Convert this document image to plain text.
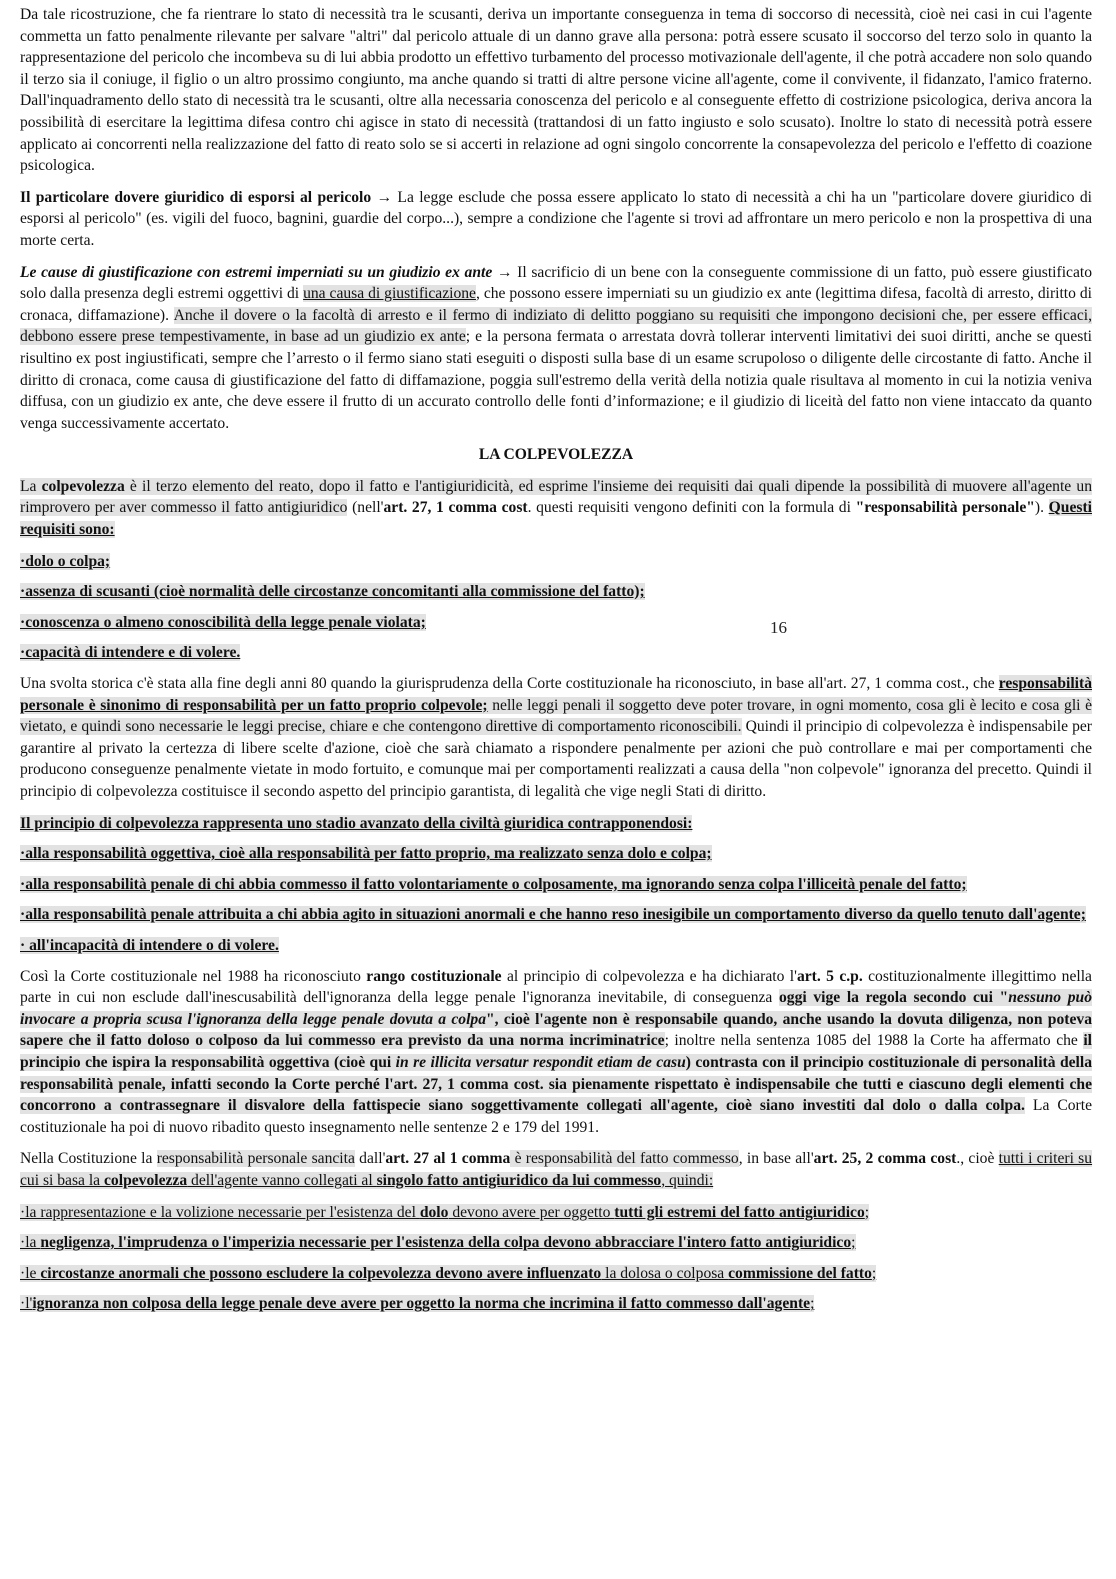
Da tale ricostruzione, che fa rientrare lo stato di necessità tra le scusanti, deriva un importante conseguenza in tema di soccorso di necessità, cioè nei casi in cui l'agente commetta un fatto penalmente rilevante per salvare "altri" dal pericolo attuale di un danno grave alla persona: potrà essere scusato il soccorso del terzo solo in quanto la rappresentazione del pericolo che incombeva su di lui abbia prodotto un effettivo turbamento del processo motivazionale dell'agente, il che potrà accadere non solo quando il terzo sia il coniuge, il figlio o un altro prossimo congiunto, ma anche quando si tratti di altre persone vicine all'agente, come il convivente, il fidanzato, l'amico fraterno. Dall'inquadramento dello stato di necessità tra le scusanti, oltre alla necessaria conoscenza del pericolo e al conseguente effetto di costrizione psicologica, deriva ancora la possibilità di esercitare la legittima difesa contro chi agisce in stato di necessità (trattandosi di un fatto ingiusto e solo scusato). Inoltre lo stato di necessità potrà essere applicato ai concorrenti nella realizzazione del fatto di reato solo se si accerti in relazione ad ogni singolo concorrente la consapevolezza del pericolo e l'effetto di coazione psicologica.

Il particolare dovere giuridico di esporsi al pericolo → La legge esclude che possa essere applicato lo stato di necessità a chi ha un "particolare dovere giuridico di esporsi al pericolo" (es. vigili del fuoco, bagnini, guardie del corpo...), sempre a condizione che l'agente si trovi ad affrontare un mero pericolo e non la prospettiva di una morte certa.

Le cause di giustificazione con estremi imperniati su un giudizio ex ante → Il sacrificio di un bene con la conseguente commissione di un fatto, può essere giustificato solo dalla presenza degli estremi oggettivi di una causa di giustificazione, che possono essere imperniati su un giudizio ex ante (legittima difesa, facoltà di arresto, diritto di cronaca, diffamazione). Anche il dovere o la facoltà di arresto e il fermo di indiziato di delitto poggiano su requisiti che impongono decisioni che, per essere efficaci, debbono essere prese tempestivamente, in base ad un giudizio ex ante; e la persona fermata o arrestata dovrà tollerar interventi limitativi dei suoi diritti, anche se questi risultino ex post ingiustificati, sempre che l’arresto o il fermo siano stati eseguiti o disposti sulla base di un esame scrupoloso o diligente delle circostante di fatto. Anche il diritto di cronaca, come causa di giustificazione del fatto di diffamazione, poggia sull'estremo della verità della notizia quale risultava al momento in cui la notizia veniva diffusa, con un giudizio ex ante, che deve essere il frutto di un accurato controllo delle fonti d’informazione; e il giudizio di liceità del fatto non viene intaccato da quanto venga successivamente accertato.

LA COLPEVOLEZZA

La colpevolezza è il terzo elemento del reato, dopo il fatto e l'antigiuridicità, ed esprime l'insieme dei requisiti dai quali dipende la possibilità di muovere all'agente un rimprovero per aver commesso il fatto antigiuridico (nell'art. 27, 1 comma cost. questi requisiti vengono definiti con la formula di "responsabilità personale"). Questi requisiti sono:

·dolo o colpa;

·assenza di scusanti (cioè normalità delle circostanze concomitanti alla commissione del fatto);

·conoscenza o almeno conoscibilità della legge penale violata;

·capacità di intendere e di volere.

Una svolta storica c'è stata alla fine degli anni 80 quando la giurisprudenza della Corte costituzionale ha riconosciuto, in base all'art. 27, 1 comma cost., che responsabilità personale è sinonimo di responsabilità per un fatto proprio colpevole; nelle leggi penali il soggetto deve poter trovare, in ogni momento, cosa gli è lecito e cosa gli è vietato, e quindi sono necessarie le leggi precise, chiare e che contengono direttive di comportamento riconoscibili. Quindi il principio di colpevolezza è indispensabile per garantire al privato la certezza di libere scelte d'azione, cioè che sarà chiamato a rispondere penalmente per azioni che può controllare e mai per comportamenti che producono conseguenze penalmente vietate in modo fortuito, e comunque mai per comportamenti realizzati a causa della "non colpevole" ignoranza del precetto. Quindi il principio di colpevolezza costituisce il secondo aspetto del principio garantista, di legalità che vige negli Stati di diritto.

Il principio di colpevolezza rappresenta uno stadio avanzato della civiltà giuridica contrapponendosi:

·alla responsabilità oggettiva, cioè alla responsabilità per fatto proprio, ma realizzato senza dolo e colpa;

·alla responsabilità penale di chi abbia commesso il fatto volontariamente o colposamente, ma ignorando senza colpa l'illiceità penale del fatto;

·alla responsabilità penale attribuita a chi abbia agito in situazioni anormali e che hanno reso inesigibile un comportamento diverso da quello tenuto dall'agente;

· all'incapacità di intendere o di volere.

Così la Corte costituzionale nel 1988 ha riconosciuto rango costituzionale al principio di colpevolezza e ha dichiarato l'art. 5 c.p. costituzionalmente illegittimo nella parte in cui non esclude dall'inescusabilità dell'ignoranza della legge penale l'ignoranza inevitabile, di conseguenza oggi vige la regola secondo cui "nessuno può invocare a propria scusa l'ignoranza della legge penale dovuta a colpa", cioè l'agente non è responsabile quando, anche usando la dovuta diligenza, non poteva sapere che il fatto doloso o colposo da lui commesso era previsto da una norma incriminatrice; inoltre nella sentenza 1085 del 1988 la Corte ha affermato che il principio che ispira la responsabilità oggettiva (cioè qui in re illicita versatur respondit etiam de casu) contrasta con il principio costituzionale di personalità della responsabilità penale, infatti secondo la Corte perché l'art. 27, 1 comma cost. sia pienamente rispettato è indispensabile che tutti e ciascuno degli elementi che concorrono a contrassegnare il disvalore della fattispecie siano soggettivamente collegati all'agente, cioè siano investiti dal dolo o dalla colpa. La Corte costituzionale ha poi di nuovo ribadito questo insegnamento nelle sentenze 2 e 179 del 1991.

Nella Costituzione la responsabilità personale sancita dall'art. 27 al 1 comma è responsabilità del fatto commesso, in base all'art. 25, 2 comma cost., cioè tutti i criteri su cui si basa la colpevolezza dell'agente vanno collegati al singolo fatto antigiuridico da lui commesso, quindi:

·la rappresentazione e la volizione necessarie per l'esistenza del dolo devono avere per oggetto tutti gli estremi del fatto antigiuridico;

·la negligenza, l'imprudenza o l'imperizia necessarie per l'esistenza della colpa devono abbracciare l'intero fatto antigiuridico;

·le circostanze anormali che possono escludere la colpevolezza devono avere influenzato la dolosa o colposa commissione del fatto;

·l'ignoranza non colposa della legge penale deve avere per oggetto la norma che incrimina il fatto commesso dall'agente;

16
